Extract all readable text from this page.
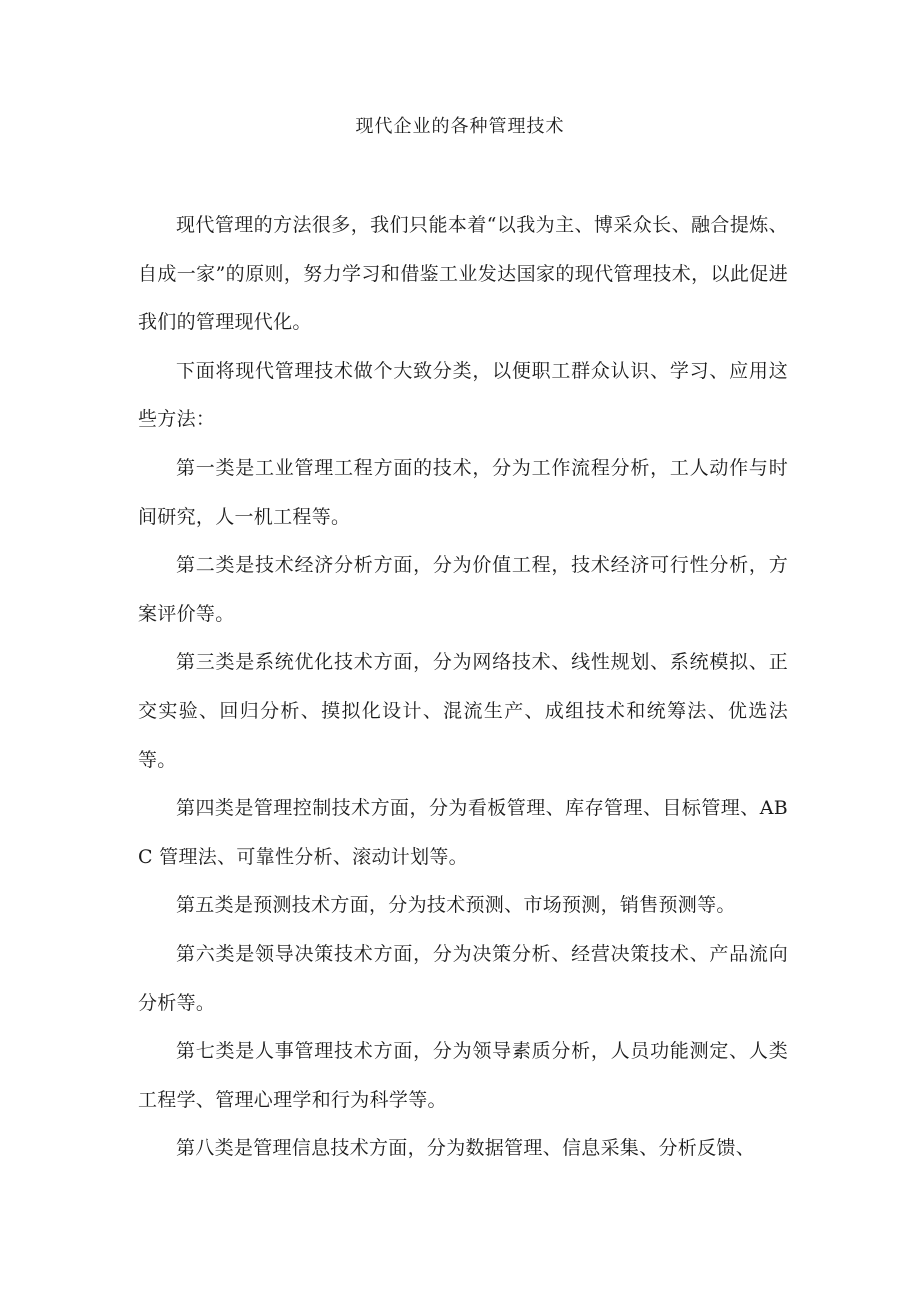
现代企业的各种管理技术

现代管理的方法很多，我们只能本着“以我为主、博采众长、融合提炼、自成一家”的原则，努力学习和借鉴工业发达国家的现代管理技术，以此促进我们的管理现代化。

下面将现代管理技术做个大致分类，以便职工群众认识、学习、应用这些方法：

第一类是工业管理工程方面的技术，分为工作流程分析，工人动作与时间研究，人一机工程等。

第二类是技术经济分析方面，分为价值工程，技术经济可行性分析，方案评价等。

第三类是系统优化技术方面，分为网络技术、线性规划、系统模拟、正交实验、回归分析、摸拟化设计、混流生产、成组技术和统筹法、优选法等。

第四类是管理控制技术方面，分为看板管理、库存管理、目标管理、ABC 管理法、可靠性分析、滚动计划等。

第五类是预测技术方面，分为技术预测、市场预测，销售预测等。

第六类是领导决策技术方面，分为决策分析、经营决策技术、产品流向分析等。

第七类是人事管理技术方面，分为领导素质分析，人员功能测定、人类工程学、管理心理学和行为科学等。

第八类是管理信息技术方面，分为数据管理、信息采集、分析反馈、
